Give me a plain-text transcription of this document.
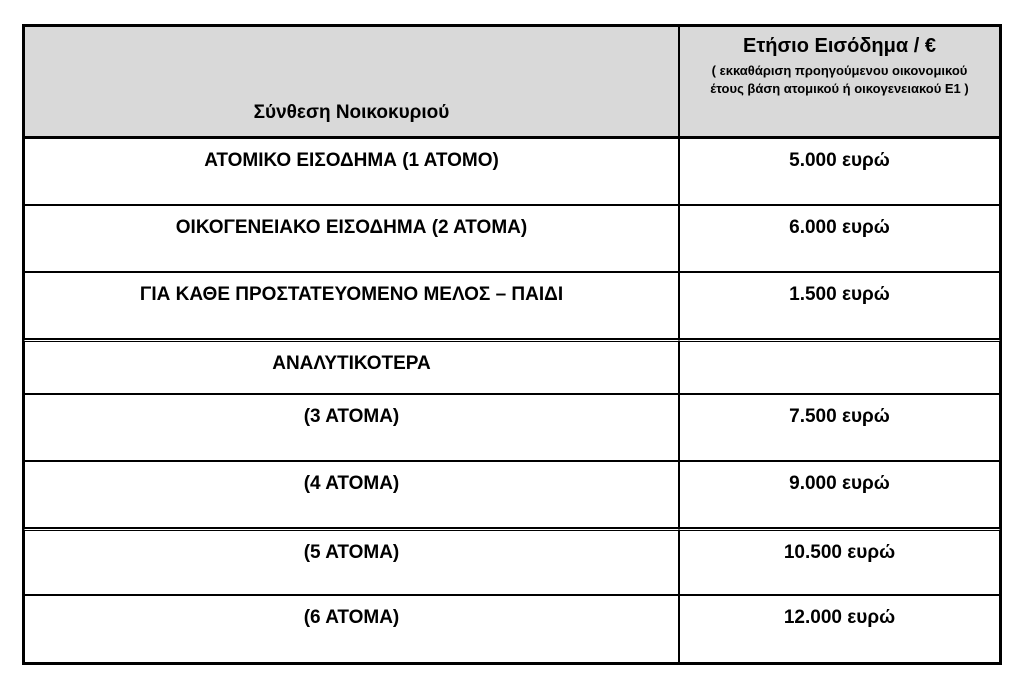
Σύνθεση Νοικοκυριού	Ετήσιο Εισόδημα / €
( εκκαθάριση προηγούμενου οικονομικού έτους βάση ατομικού ή οικογενειακού Ε1 )

ΑΤΟΜΙΚΟ ΕΙΣΟΔΗΜΑ (1 ΑΤΟΜΟ)	5.000 ευρώ
ΟΙΚΟΓΕΝΕΙΑΚΟ ΕΙΣΟΔΗΜΑ (2 ΑΤΟΜΑ)	6.000 ευρώ
ΓΙΑ ΚΑΘΕ ΠΡΟΣΤΑΤΕΥΟΜΕΝΟ ΜΕΛΟΣ – ΠΑΙΔΙ	1.500 ευρώ
ΑΝΑΛΥΤΙΚΟΤΕΡΑ	
(3 ΑΤΟΜΑ)	7.500 ευρώ
(4 ΑΤΟΜΑ)	9.000 ευρώ
(5 ΑΤΟΜΑ)	10.500 ευρώ
(6 ΑΤΟΜΑ)	12.000 ευρώ
